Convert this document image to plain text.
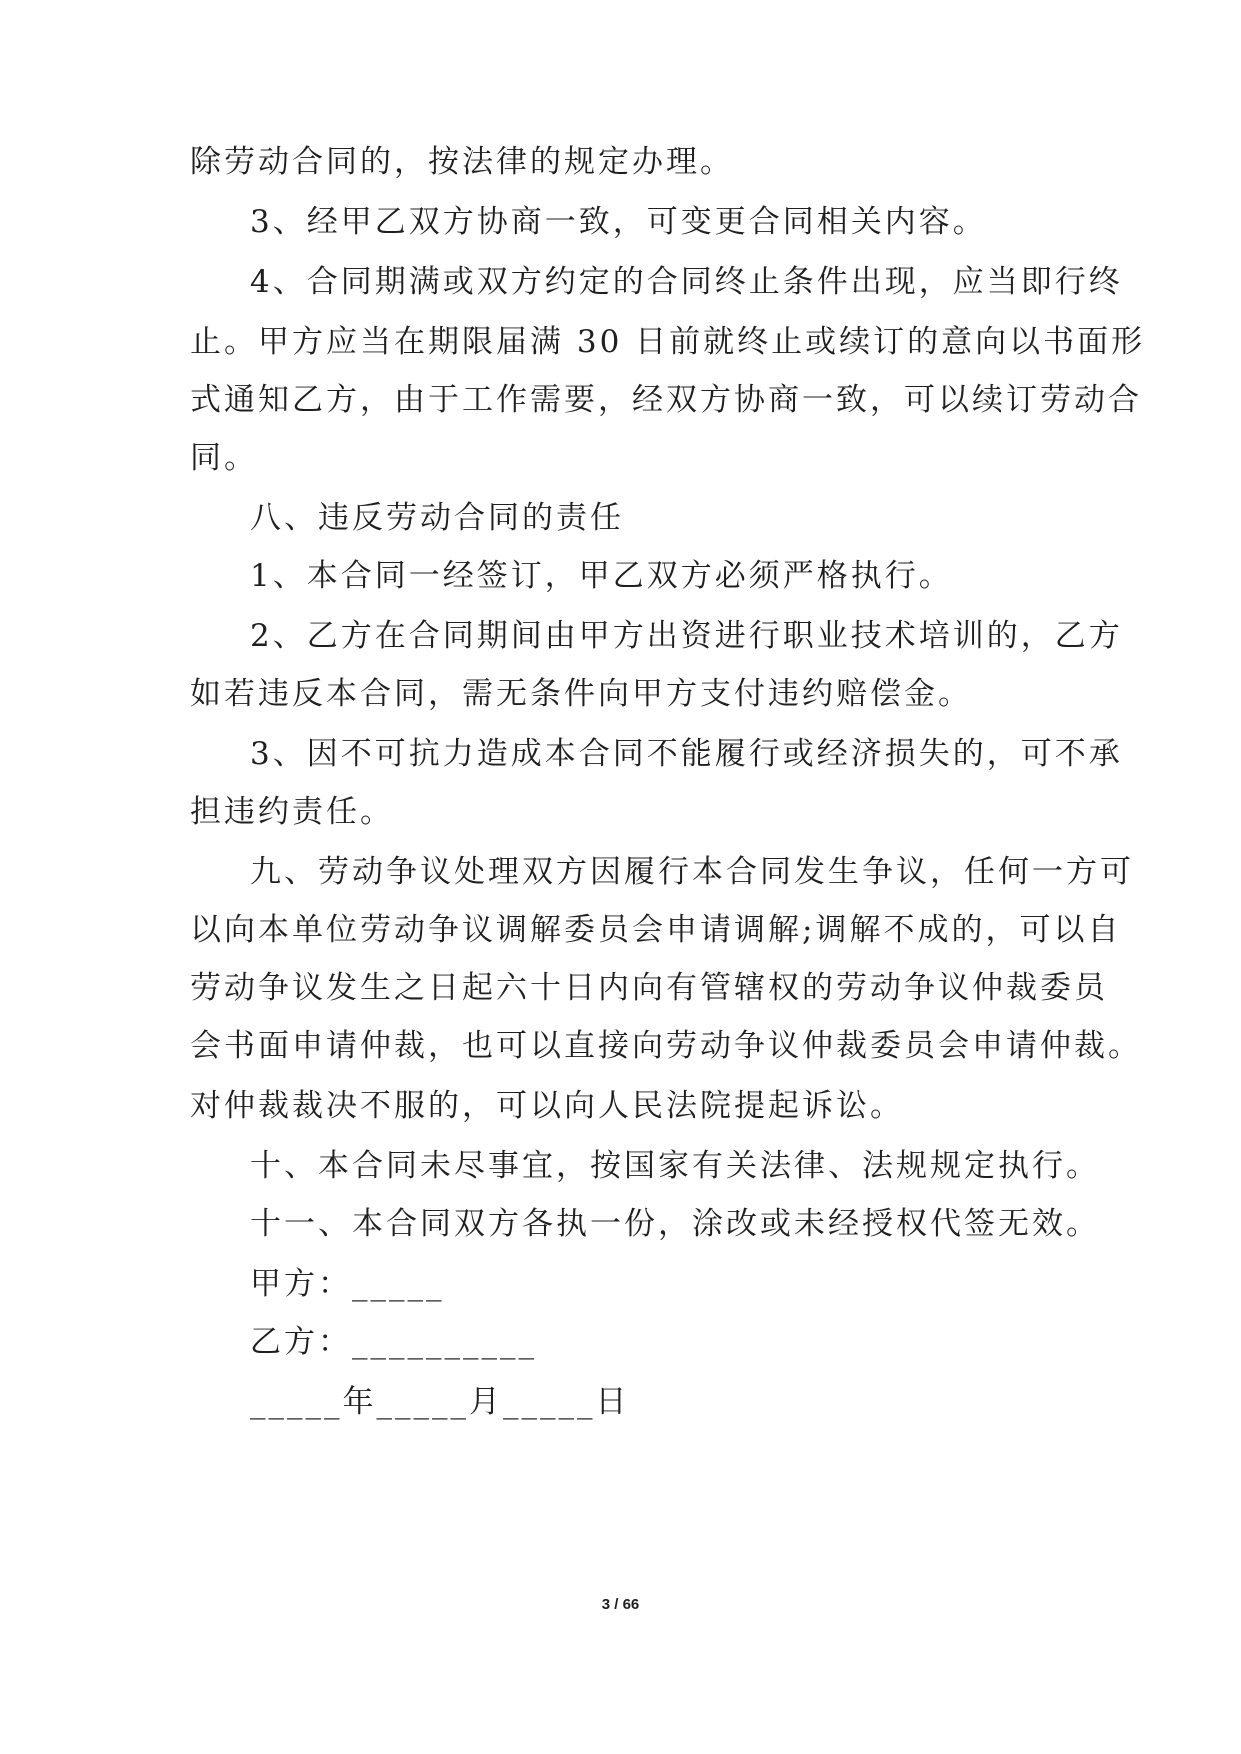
除劳动合同的，按法律的规定办理。
3、经甲乙双方协商一致，可变更合同相关内容。
4、合同期满或双方约定的合同终止条件出现，应当即行终
止。甲方应当在期限届满 30 日前就终止或续订的意向以书面形
式通知乙方，由于工作需要，经双方协商一致，可以续订劳动合
同。
八、违反劳动合同的责任
1、本合同一经签订，甲乙双方必须严格执行。
2、乙方在合同期间由甲方出资进行职业技术培训的，乙方
如若违反本合同，需无条件向甲方支付违约赔偿金。
3、因不可抗力造成本合同不能履行或经济损失的，可不承
担违约责任。
九、劳动争议处理双方因履行本合同发生争议，任何一方可
以向本单位劳动争议调解委员会申请调解;调解不成的，可以自
劳动争议发生之日起六十日内向有管辖权的劳动争议仲裁委员
会书面申请仲裁，也可以直接向劳动争议仲裁委员会申请仲裁。
对仲裁裁决不服的，可以向人民法院提起诉讼。
十、本合同未尽事宜，按国家有关法律、法规规定执行。
十一、本合同双方各执一份，涂改或未经授权代签无效。
甲方：_____
乙方：__________
_____年_____月_____日
3 / 66
